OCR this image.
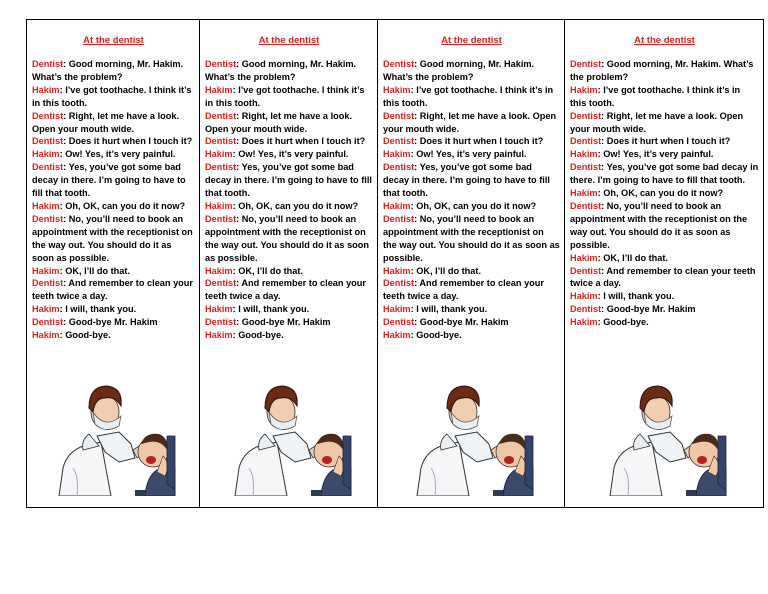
At the dentist
Dentist: Good morning, Mr. Hakim. What’s the problem?
Hakim: I’ve got toothache. I think it’s in this tooth.
Dentist: Right, let me have a look. Open your mouth wide.
Dentist: Does it hurt when I touch it?
Hakim: Ow! Yes, it’s very painful.
Dentist: Yes, you’ve got some bad decay in there. I’m going to have to fill that tooth.
Hakim: Oh, OK, can you do it now?
Dentist: No, you’ll need to book an appointment with the receptionist on the way out. You should do it as soon as possible.
Hakim: OK, I’ll do that.
Dentist: And remember to clean your teeth twice a day.
Hakim: I will, thank you.
Dentist: Good-bye Mr. Hakim
Hakim: Good-bye.
At the dentist
Dentist: Good morning, Mr. Hakim. What’s the problem?
Hakim: I’ve got toothache. I think it’s in this tooth.
Dentist: Right, let me have a look. Open your mouth wide.
Dentist: Does it hurt when I touch it?
Hakim: Ow! Yes, it’s very painful.
Dentist: Yes, you’ve got some bad decay in there. I’m going to have to fill that tooth.
Hakim: Oh, OK, can you do it now?
Dentist: No, you’ll need to book an appointment with the receptionist on the way out. You should do it as soon as possible.
Hakim: OK, I’ll do that.
Dentist: And remember to clean your teeth twice a day.
Hakim: I will, thank you.
Dentist: Good-bye Mr. Hakim
Hakim: Good-bye.
At the dentist
Dentist: Good morning, Mr. Hakim. What’s the problem?
Hakim: I’ve got toothache. I think it’s in this tooth.
Dentist: Right, let me have a look. Open your mouth wide.
Dentist: Does it hurt when I touch it?
Hakim: Ow! Yes, it’s very painful.
Dentist: Yes, you’ve got some bad decay in there. I’m going to have to fill that tooth.
Hakim: Oh, OK, can you do it now?
Dentist: No, you’ll need to book an appointment with the receptionist on the way out. You should do it as soon as possible.
Hakim: OK, I’ll do that.
Dentist: And remember to clean your teeth twice a day.
Hakim: I will, thank you.
Dentist: Good-bye Mr. Hakim
Hakim: Good-bye.
At the dentist
Dentist: Good morning, Mr. Hakim. What’s the problem?
Hakim: I’ve got toothache. I think it’s in this tooth.
Dentist: Right, let me have a look. Open your mouth wide.
Dentist: Does it hurt when I touch it?
Hakim: Ow! Yes, it’s very painful.
Dentist: Yes, you’ve got some bad decay in there. I’m going to have to fill that tooth.
Hakim: Oh, OK, can you do it now?
Dentist: No, you’ll need to book an appointment with the receptionist on the way out. You should do it as soon as possible.
Hakim: OK, I’ll do that.
Dentist: And remember to clean your teeth twice a day.
Hakim: I will, thank you.
Dentist: Good-bye Mr. Hakim
Hakim: Good-bye.
